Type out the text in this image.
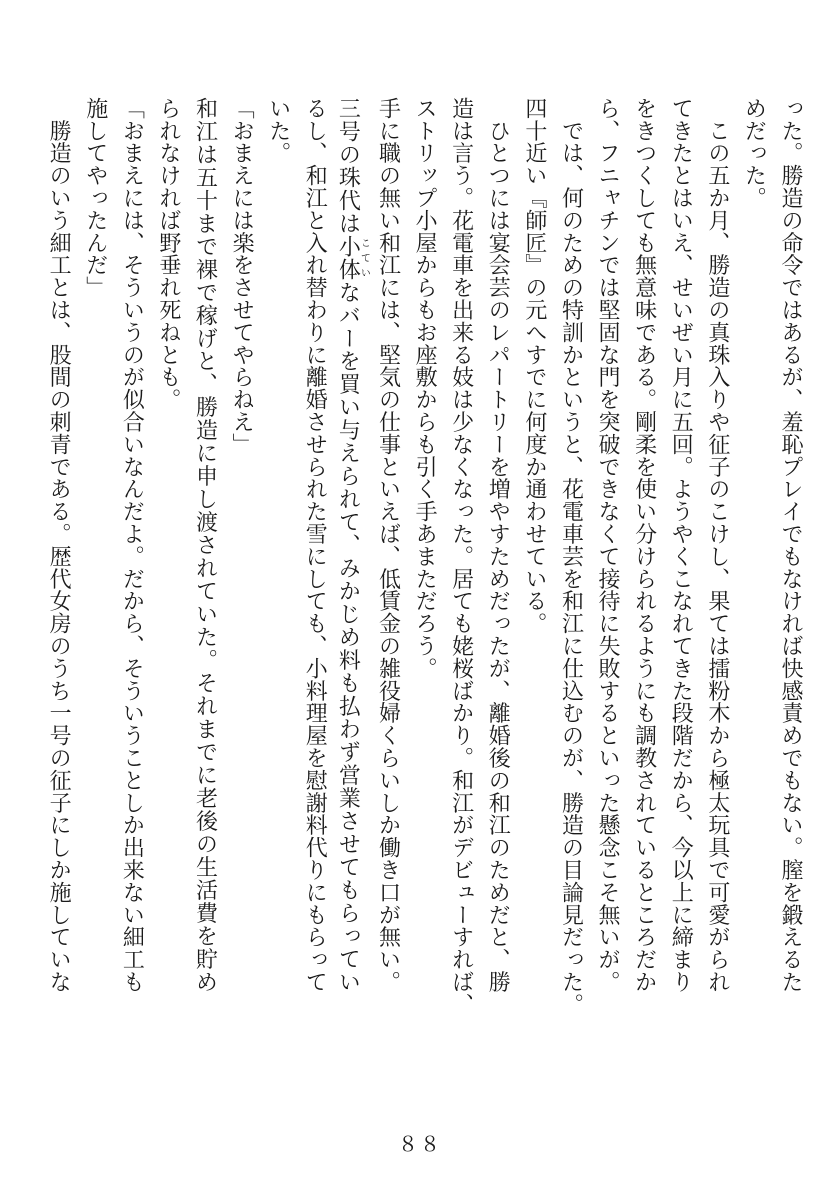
った。勝造の命令ではあるが、羞恥プレイでもなければ快感責めでもない。膣を鍛えるた
めだった。
　この五か月、勝造の真珠入りや征子のこけし、果ては擂粉木から極太玩具で可愛がられ
てきたとはいえ、せいぜい月に五回。ようやくこなれてきた段階だから、今以上に締まり
をきつくしても無意味である。剛柔を使い分けられるようにも調教されているところだか
ら、フニャチンでは堅固な門を突破できなくて接待に失敗するといった懸念こそ無いが。
　では、何のための特訓かというと、花電車芸を和江に仕込むのが、勝造の目論見だった。
四十近い『師匠』の元へすでに何度か通わせている。
　ひとつには宴会芸のレパートリーを増やすためだったが、離婚後の和江のためだと、勝
造は言う。花電車を出来る妓は少なくなった。居ても姥桜ばかり。和江がデビューすれば、
ストリップ小屋からもお座敷からも引く手あまただろう。
手に職の無い和江には、堅気の仕事といえば、低賃金の雑役婦くらいしか働き口が無い。
三号の珠代は小体こていなバーを買い与えられて、みかじめ料も払わず営業させてもらってい
るし、和江と入れ替わりに離婚させられた雪にしても、小料理屋を慰謝料代りにもらって
いた。
「おまえには楽をさせてやらねえ」
和江は五十まで裸で稼げと、勝造に申し渡されていた。それまでに老後の生活費を貯め
られなければ野垂れ死ねとも。
「おまえには、そういうのが似合いなんだよ。だから、そういうことしか出来ない細工も
施してやったんだ」
　勝造のいう細工とは、股間の刺青である。歴代女房のうち一号の征子にしか施していな
８８
